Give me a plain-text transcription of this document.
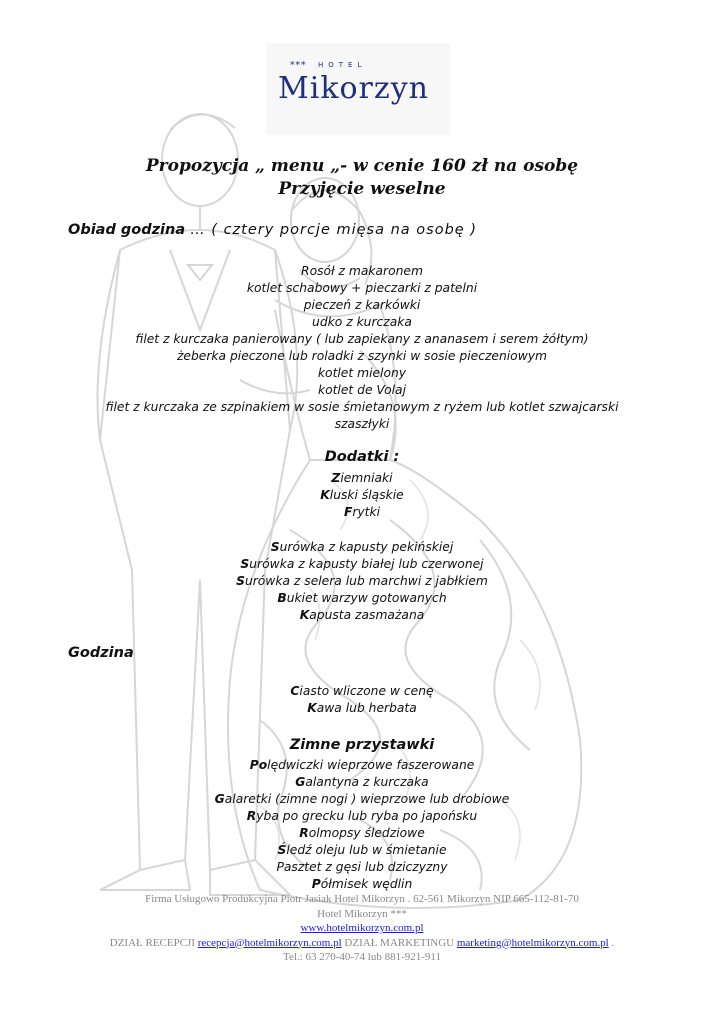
*** HOTEL
Mikorzyn
Propozycja „ menu „- w cenie 160 zł na osobę
Przyjęcie weselne
Obiad godzina … ( cztery porcje mięsa na osobę )
Rosół z makaronem
kotlet schabowy + pieczarki z patelni
pieczeń z karkówki
udko z kurczaka
filet z kurczaka panierowany ( lub zapiekany z ananasem i serem żółtym)
żeberka pieczone lub roladki z szynki w sosie pieczeniowym
kotlet mielony
kotlet de Volaj
filet z kurczaka ze szpinakiem w sosie śmietanowym z ryżem lub kotlet szwajcarski
szaszłyki
Dodatki :
Ziemniaki
Kluski śląskie
Frytki
Surówka z kapusty pekińskiej
Surówka z kapusty białej lub czerwonej
Surówka z selera lub marchwi z jabłkiem
Bukiet warzyw gotowanych
Kapusta zasmażana
Godzina
Ciasto wliczone w cenę
Kawa lub herbata
Zimne przystawki
Polędwiczki wieprzowe faszerowane
Galantyna z kurczaka
Galaretki (zimne nogi ) wieprzowe lub drobiowe
Ryba po grecku lub ryba po japońsku
Rolmopsy śledziowe
Śledź oleju lub w śmietanie
Pasztet z gęsi lub dziczyzny
Półmisek wędlin
Firma Usługowo Produkcyjna Piotr Jasiak Hotel Mikorzyn . 62-561 Mikorzyn NIP 665-112-81-70
Hotel Mikorzyn ***
www.hotelmikorzyn.com.pl
DZIAŁ RECEPCJI recepcja@hotelmikorzyn.com.pl DZIAŁ MARKETINGU marketing@hotelmikorzyn.com.pl .
Tel.: 63 270-40-74 lub 881-921-911
